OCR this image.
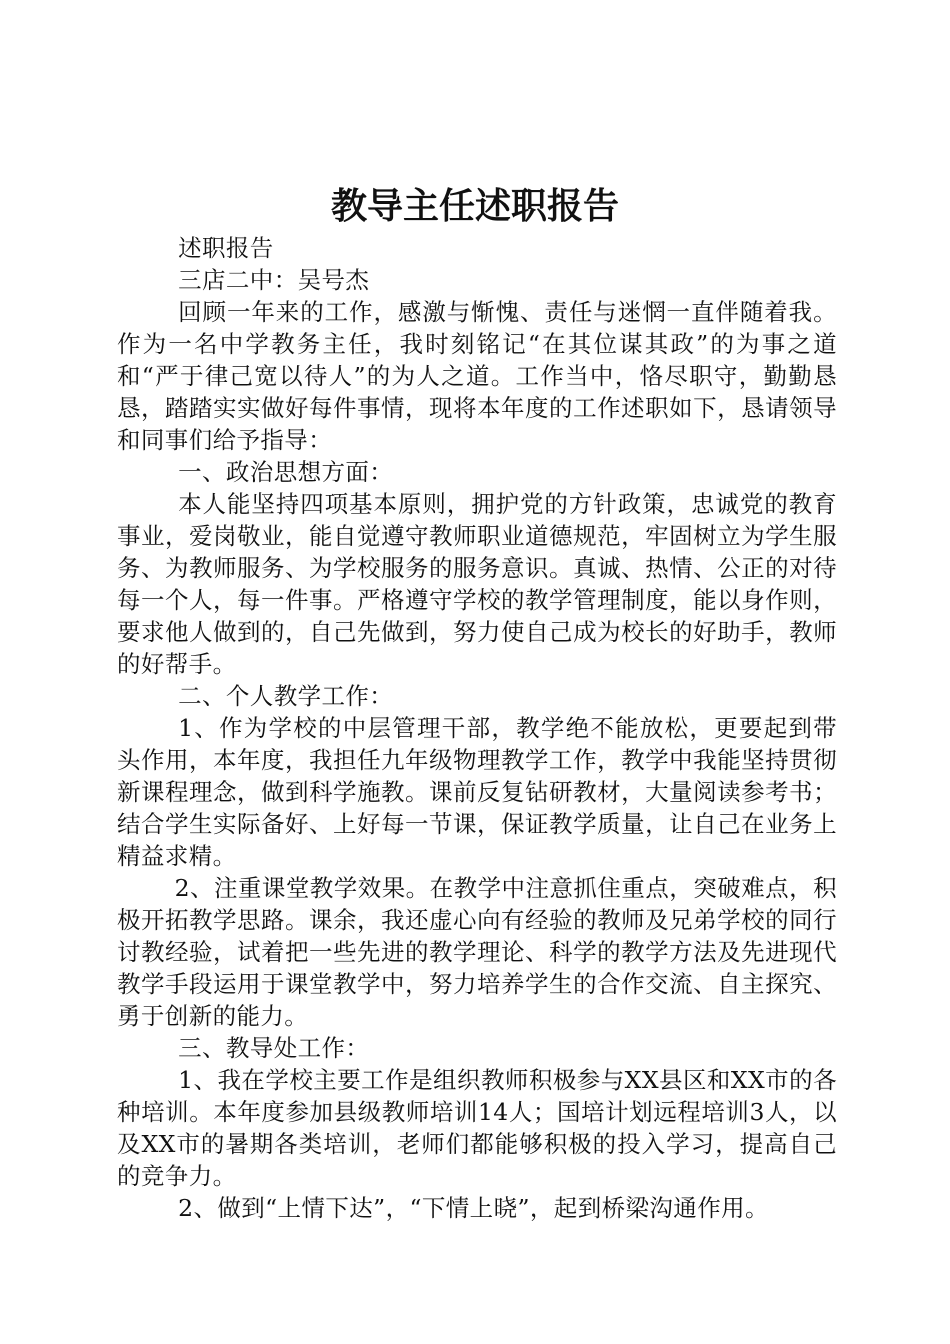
教导主任述职报告

述职报告

三店二中：吴号杰

回顾一年来的工作，感激与惭愧、责任与迷惘一直伴随着我。作为一名中学教务主任，我时刻铭记“在其位谋其政”的为事之道和“严于律己宽以待人”的为人之道。工作当中，恪尽职守，勤勤恳恳，踏踏实实做好每件事情，现将本年度的工作述职如下，恳请领导和同事们给予指导：

一、政治思想方面：

本人能坚持四项基本原则，拥护党的方针政策，忠诚党的教育事业，爱岗敬业，能自觉遵守教师职业道德规范，牢固树立为学生服务、为教师服务、为学校服务的服务意识。真诚、热情、公正的对待每一个人，每一件事。严格遵守学校的教学管理制度，能以身作则，要求他人做到的，自己先做到，努力使自己成为校长的好助手，教师的好帮手。

二、个人教学工作：

1、作为学校的中层管理干部，教学绝不能放松，更要起到带头作用，本年度，我担任九年级物理教学工作，教学中我能坚持贯彻新课程理念，做到科学施教。课前反复钻研教材，大量阅读参考书；结合学生实际备好、上好每一节课，保证教学质量，让自己在业务上精益求精。

2、注重课堂教学效果。在教学中注意抓住重点，突破难点，积极开拓教学思路。课余，我还虚心向有经验的教师及兄弟学校的同行讨教经验，试着把一些先进的教学理论、科学的教学方法及先进现代教学手段运用于课堂教学中，努力培养学生的合作交流、自主探究、勇于创新的能力。

三、教导处工作：

1、我在学校主要工作是组织教师积极参与XX县区和XX市的各种培训。本年度参加县级教师培训14人；国培计划远程培训3人，以及XX市的暑期各类培训，老师们都能够积极的投入学习，提高自己的竞争力。

2、做到“上情下达”，“下情上晓”，起到桥梁沟通作用。
